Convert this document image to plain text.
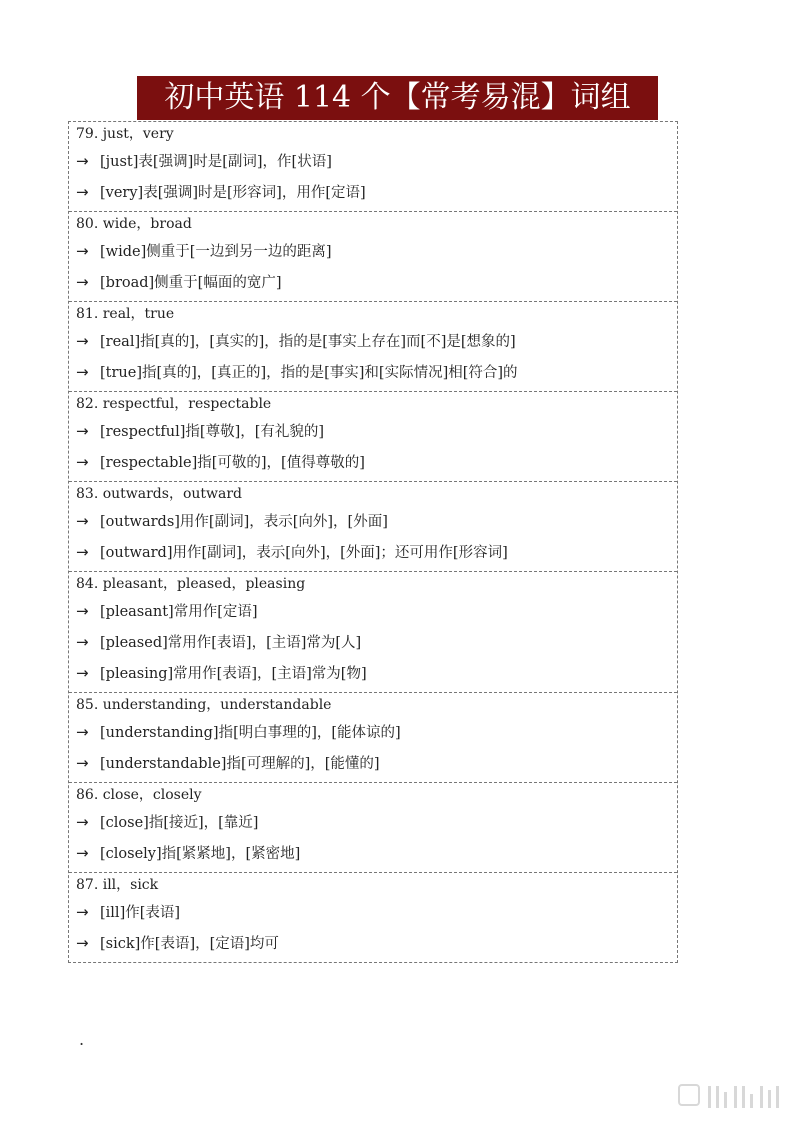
初中英语 114 个【常考易混】词组
79. just，very
→ [just]表[强调]时是[副词]，作[状语]
→ [very]表[强调]时是[形容词]，用作[定语]
80. wide，broad
→ [wide]侧重于[一边到另一边的距离]
→ [broad]侧重于[幅面的宽广]
81. real，true
→ [real]指[真的]，[真实的]，指的是[事实上存在]而[不]是[想象的]
→ [true]指[真的]，[真正的]，指的是[事实]和[实际情况]相[符合]的
82. respectful，respectable
→ [respectful]指[尊敬]，[有礼貌的]
→ [respectable]指[可敬的]，[值得尊敬的]
83. outwards，outward
→ [outwards]用作[副词]，表示[向外]，[外面]
→ [outward]用作[副词]，表示[向外]，[外面]；还可用作[形容词]
84. pleasant，pleased，pleasing
→ [pleasant]常用作[定语]
→ [pleased]常用作[表语]，[主语]常为[人]
→ [pleasing]常用作[表语]，[主语]常为[物]
85. understanding，understandable
→ [understanding]指[明白事理的]，[能体谅的]
→ [understandable]指[可理解的]，[能懂的]
86. close，closely
→ [close]指[接近]，[靠近]
→ [closely]指[紧紧地]，[紧密地]
87. ill，sick
→ [ill]作[表语]
→ [sick]作[表语]，[定语]均可
.
